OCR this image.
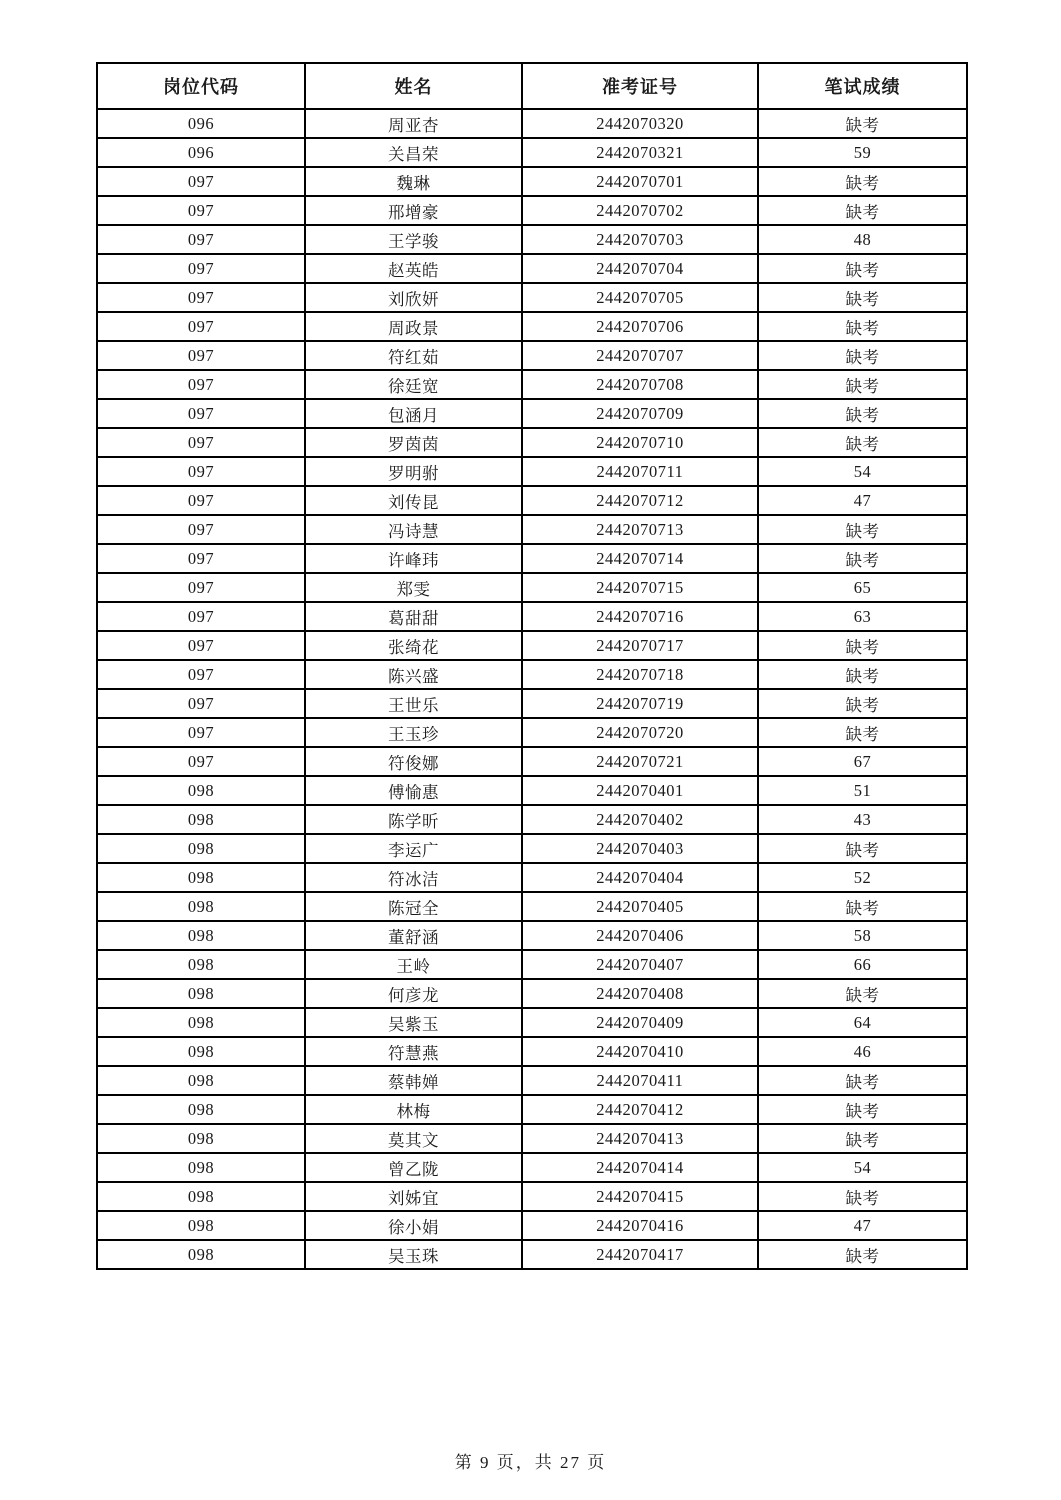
岗位代码	姓名	准考证号	笔试成绩
096	周亚杏	2442070320	缺考
096	关昌荣	2442070321	59
097	魏琳	2442070701	缺考
097	邢增豪	2442070702	缺考
097	王学骏	2442070703	48
097	赵英皓	2442070704	缺考
097	刘欣妍	2442070705	缺考
097	周政景	2442070706	缺考
097	符红茹	2442070707	缺考
097	徐廷宽	2442070708	缺考
097	包涵月	2442070709	缺考
097	罗茵茵	2442070710	缺考
097	罗明驸	2442070711	54
097	刘传昆	2442070712	47
097	冯诗慧	2442070713	缺考
097	许峰玮	2442070714	缺考
097	郑雯	2442070715	65
097	葛甜甜	2442070716	63
097	张绮花	2442070717	缺考
097	陈兴盛	2442070718	缺考
097	王世乐	2442070719	缺考
097	王玉珍	2442070720	缺考
097	符俊娜	2442070721	67
098	傅愉惠	2442070401	51
098	陈学昕	2442070402	43
098	李运广	2442070403	缺考
098	符冰洁	2442070404	52
098	陈冠全	2442070405	缺考
098	董舒涵	2442070406	58
098	王岭	2442070407	66
098	何彦龙	2442070408	缺考
098	吴紫玉	2442070409	64
098	符慧燕	2442070410	46
098	蔡韩婵	2442070411	缺考
098	林梅	2442070412	缺考
098	莫其文	2442070413	缺考
098	曾乙陇	2442070414	54
098	刘姊宜	2442070415	缺考
098	徐小娟	2442070416	47
098	吴玉珠	2442070417	缺考
第 9 页，共 27 页
